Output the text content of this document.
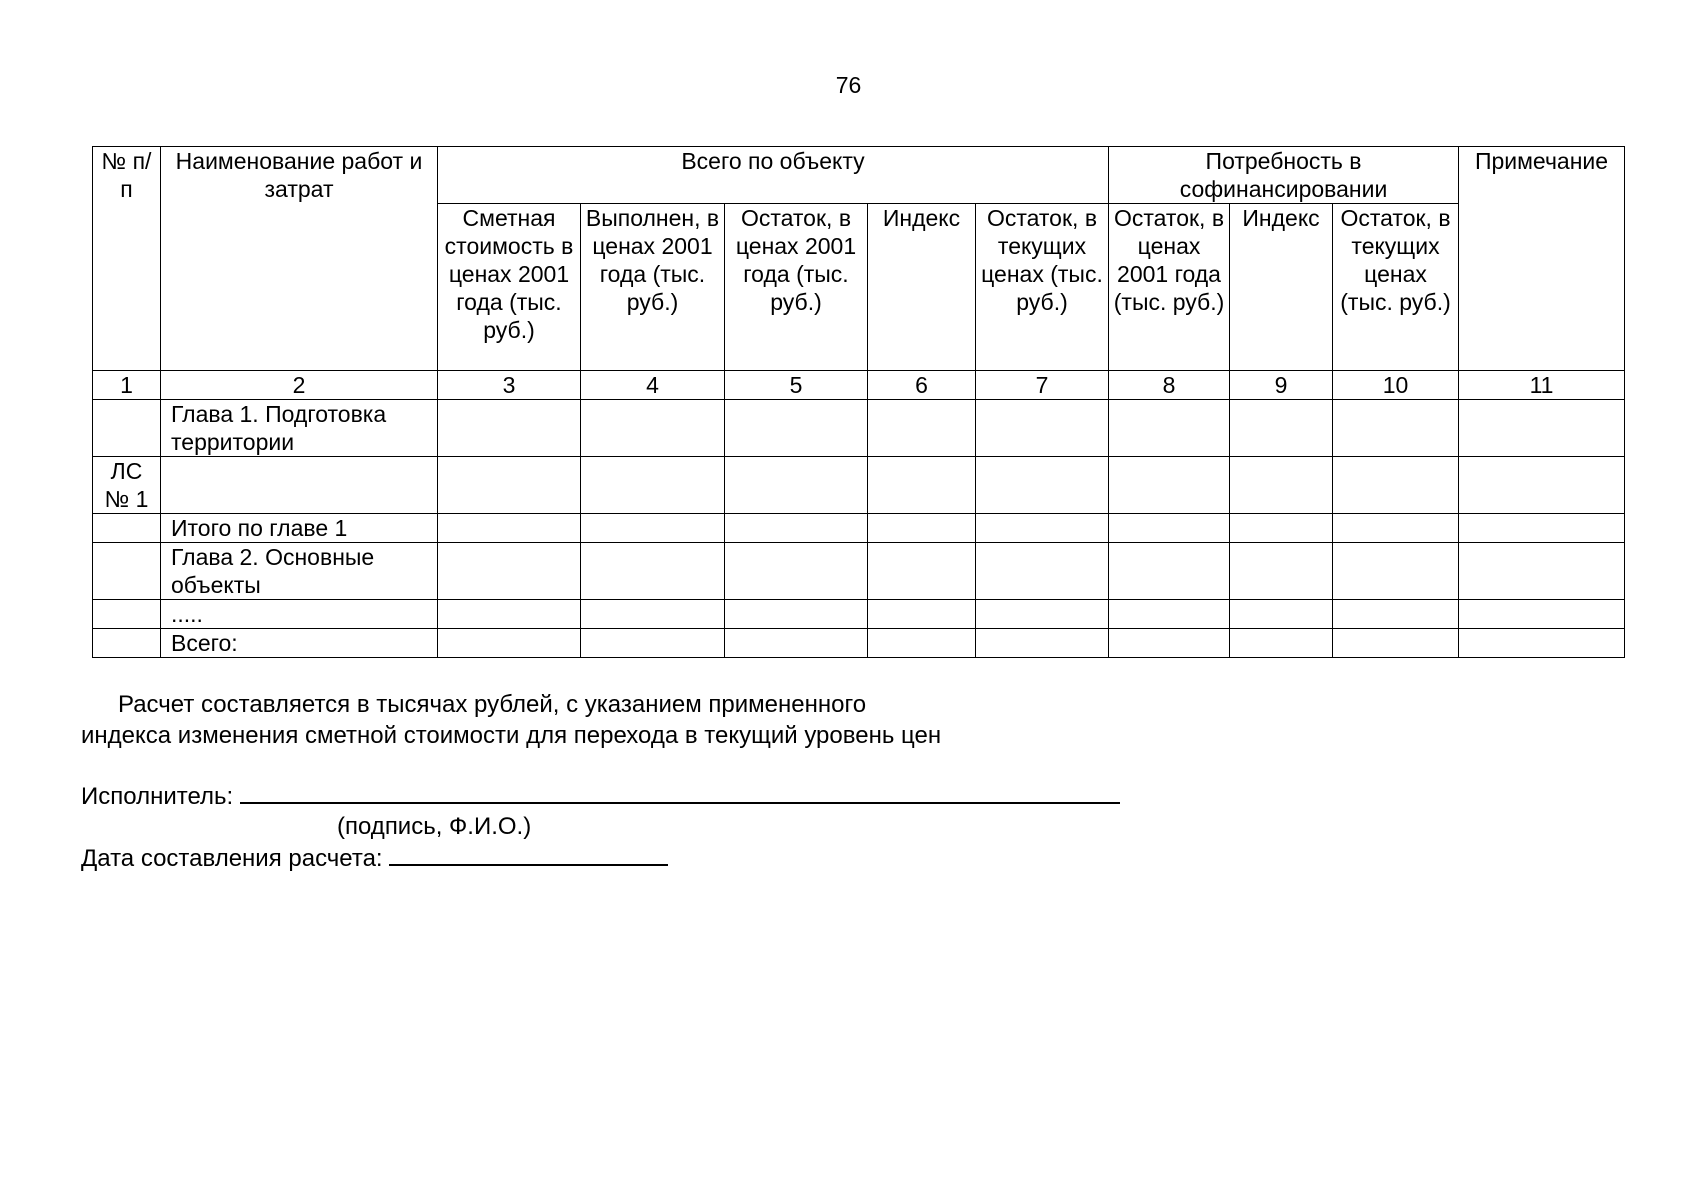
76
№ п/п	Наименование работ и затрат	Всего по объекту					Потребность в софинансировании			Примечание
		Сметная стоимость в ценах 2001 года (тыс. руб.)	Выполнен, в ценах 2001 года (тыс. руб.)	Остаток, в ценах 2001 года (тыс. руб.)	Индекс	Остаток, в текущих ценах (тыс. руб.)	Остаток, в ценах 2001 года (тыс. руб.)	Индекс	Остаток, в текущих ценах (тыс. руб.)	
1	2	3	4	5	6	7	8	9	10	11
	Глава 1. Подготовка территории									
ЛС № 1										
	Итого по главе 1									
	Глава 2. Основные объекты									
	.....									
	Всего:									
Расчет составляется в тысячах рублей, с указанием примененного
индекса изменения сметной стоимости для перехода в текущий уровень цен
Исполнитель:
(подпись, Ф.И.О.)
Дата составления расчета:
